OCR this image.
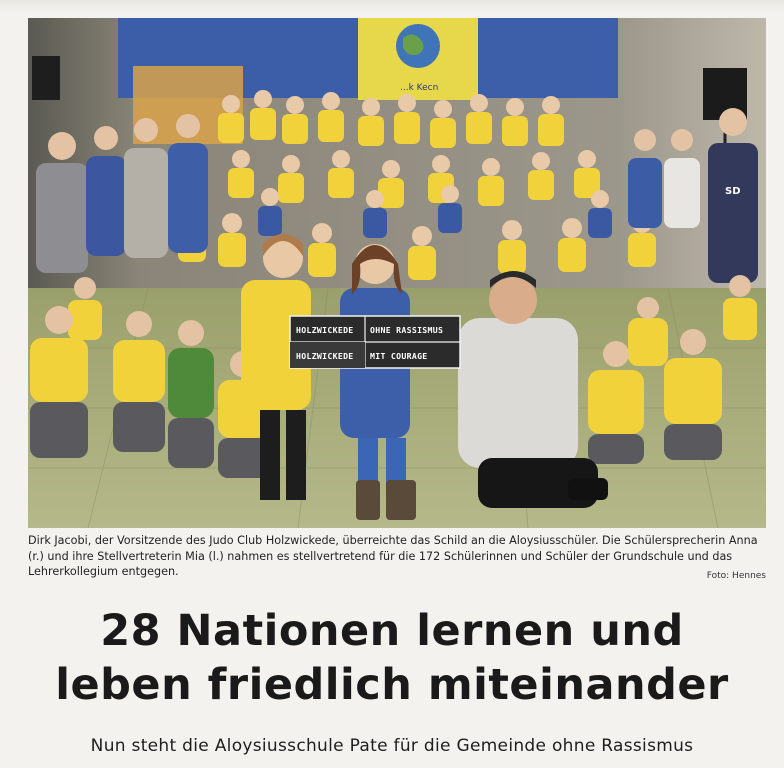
...k Kecn
SD
HOLZWICKEDE OHNE RASSISMUS
HOLZWICKEDE MIT COURAGE
Dirk Jacobi, der Vorsitzende des Judo Club Holzwickede, überreichte das Schild an die Aloysiusschüler. Die Schülersprecherin Anna (r.) und ihre Stellvertreterin Mia (l.) nahmen es stellvertretend für die 172 Schülerinnen und Schüler der Grundschule und das Lehrerkollegium entgegen.	Foto: Hennes
28 Nationen lernen und
leben friedlich miteinander
Nun steht die Aloysiusschule Pate für die Gemeinde ohne Rassismus
